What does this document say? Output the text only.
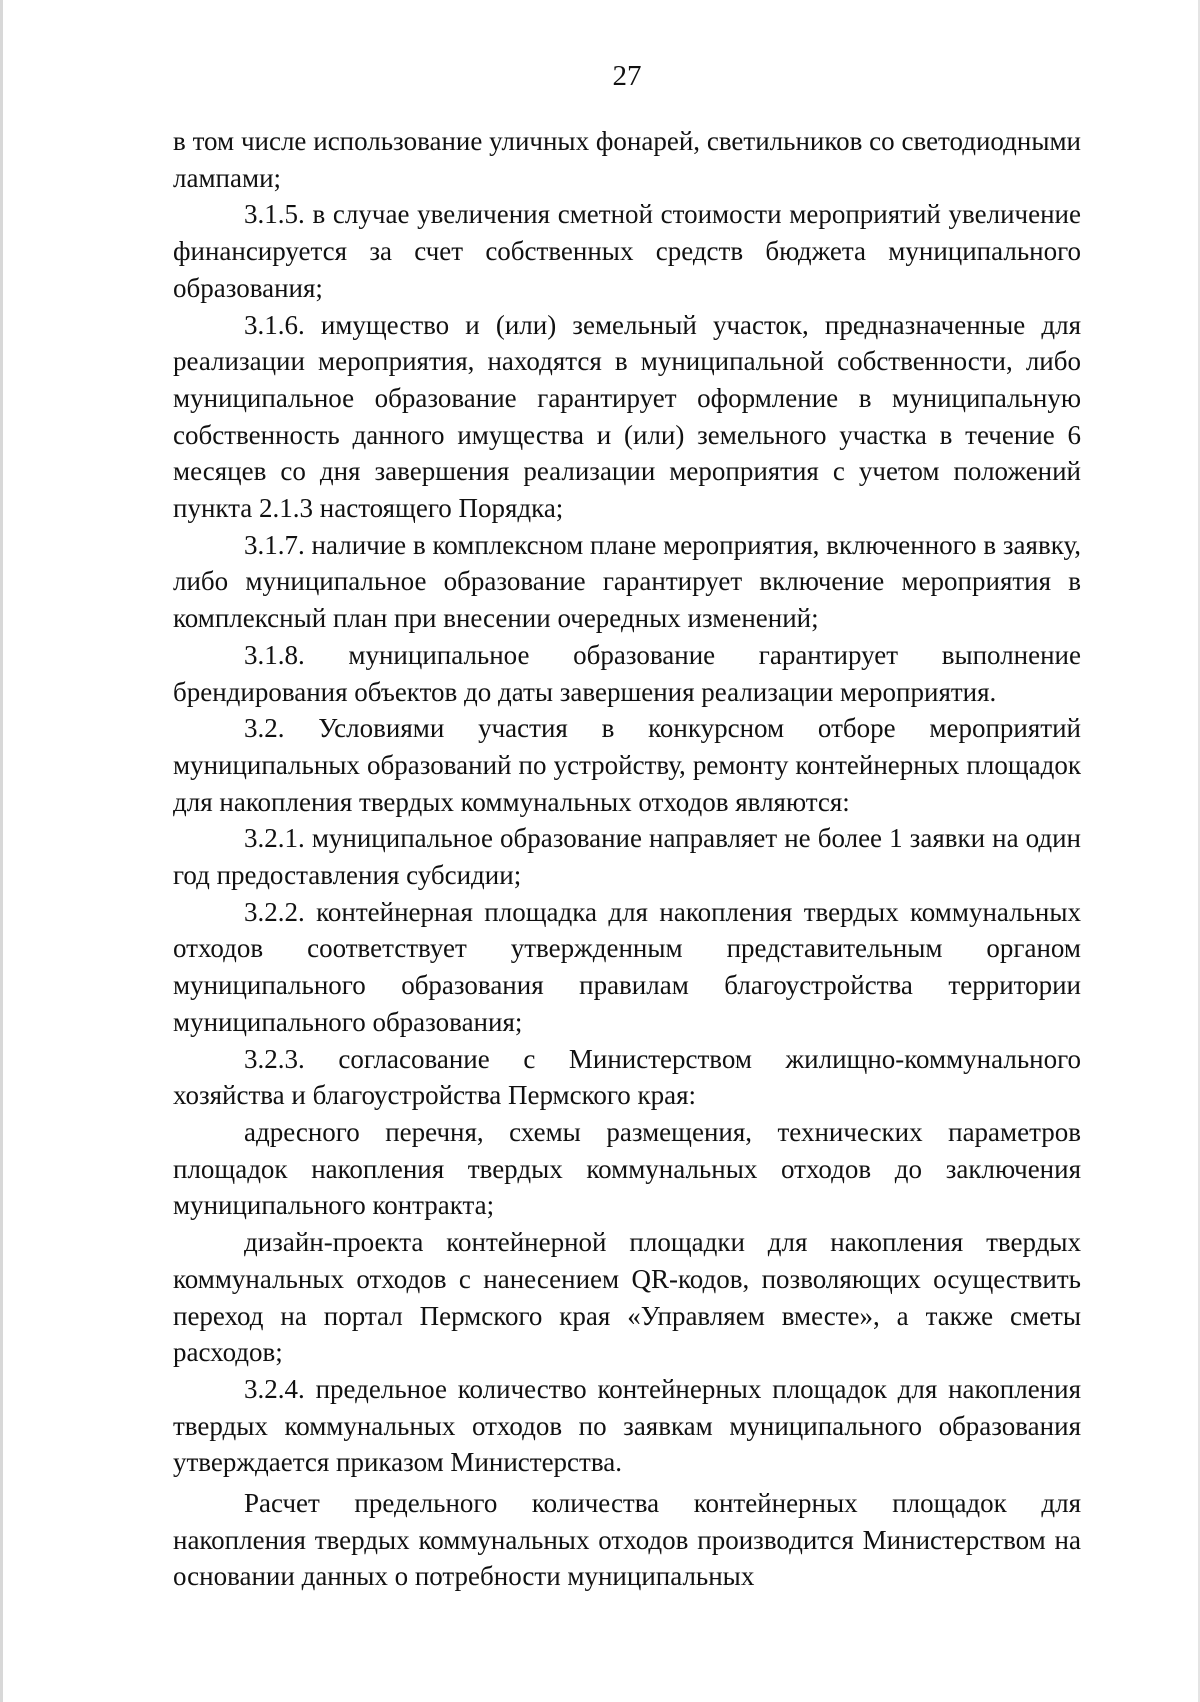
27

в том числе использование уличных фонарей, светильников со светодиодными лампами;

3.1.5. в случае увеличения сметной стоимости мероприятий увеличение финансируется за счет собственных средств бюджета муниципального образования;

3.1.6. имущество и (или) земельный участок, предназначенные для реализации мероприятия, находятся в муниципальной собственности, либо муниципальное образование гарантирует оформление в муниципальную собственность данного имущества и (или) земельного участка в течение 6 месяцев со дня завершения реализации мероприятия с учетом положений пункта 2.1.3 настоящего Порядка;

3.1.7. наличие в комплексном плане мероприятия, включенного в заявку, либо муниципальное образование гарантирует включение мероприятия в комплексный план при внесении очередных изменений;

3.1.8. муниципальное образование гарантирует выполнение брендирования объектов до даты завершения реализации мероприятия.

3.2. Условиями участия в конкурсном отборе мероприятий муниципальных образований по устройству, ремонту контейнерных площадок для накопления твердых коммунальных отходов являются:

3.2.1. муниципальное образование направляет не более 1 заявки на один год предоставления субсидии;

3.2.2. контейнерная площадка для накопления твердых коммунальных отходов соответствует утвержденным представительным органом муниципального образования правилам благоустройства территории муниципального образования;

3.2.3. согласование с Министерством жилищно-коммунального хозяйства и благоустройства Пермского края:

адресного перечня, схемы размещения, технических параметров площадок накопления твердых коммунальных отходов до заключения муниципального контракта;

дизайн-проекта контейнерной площадки для накопления твердых коммунальных отходов с нанесением QR-кодов, позволяющих осуществить переход на портал Пермского края «Управляем вместе», а также сметы расходов;

3.2.4. предельное количество контейнерных площадок для накопления твердых коммунальных отходов по заявкам муниципального образования утверждается приказом Министерства.

Расчет предельного количества контейнерных площадок для накопления твердых коммунальных отходов производится Министерством на основании данных о потребности муниципальных
